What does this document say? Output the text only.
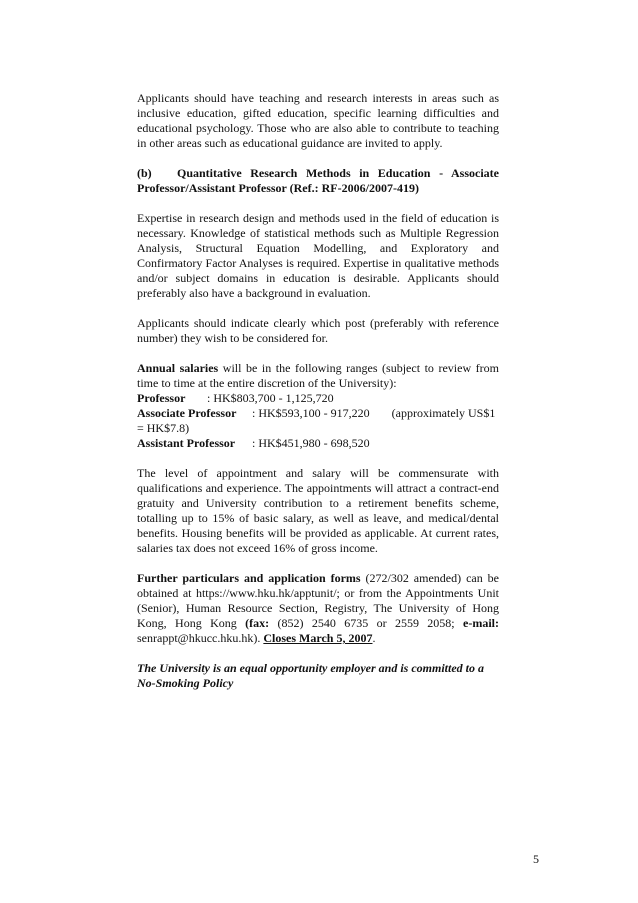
Applicants should have teaching and research interests in areas such as inclusive education, gifted education, specific learning difficulties and educational psychology. Those who are also able to contribute to teaching in other areas such as educational guidance are invited to apply.

(b) Quantitative Research Methods in Education - Associate Professor/Assistant Professor (Ref.: RF-2006/2007-419)

Expertise in research design and methods used in the field of education is necessary. Knowledge of statistical methods such as Multiple Regression Analysis, Structural Equation Modelling, and Exploratory and Confirmatory Factor Analyses is required. Expertise in qualitative methods and/or subject domains in education is desirable. Applicants should preferably also have a background in evaluation.

Applicants should indicate clearly which post (preferably with reference number) they wish to be considered for.

Annual salaries will be in the following ranges (subject to review from time to time at the entire discretion of the University):

Professor : HK$803,700 - 1,125,720

Associate Professor : HK$593,100 - 917,220 (approximately US$1 = HK$7.8)

Assistant Professor : HK$451,980 - 698,520

The level of appointment and salary will be commensurate with qualifications and experience. The appointments will attract a contract-end gratuity and University contribution to a retirement benefits scheme, totalling up to 15% of basic salary, as well as leave, and medical/dental benefits. Housing benefits will be provided as applicable. At current rates, salaries tax does not exceed 16% of gross income.

Further particulars and application forms (272/302 amended) can be obtained at https://www.hku.hk/apptunit/; or from the Appointments Unit (Senior), Human Resource Section, Registry, The University of Hong Kong, Hong Kong (fax: (852) 2540 6735 or 2559 2058; e-mail: senrappt@hkucc.hku.hk). Closes March 5, 2007.

The University is an equal opportunity employer and is committed to a No-Smoking Policy

5
